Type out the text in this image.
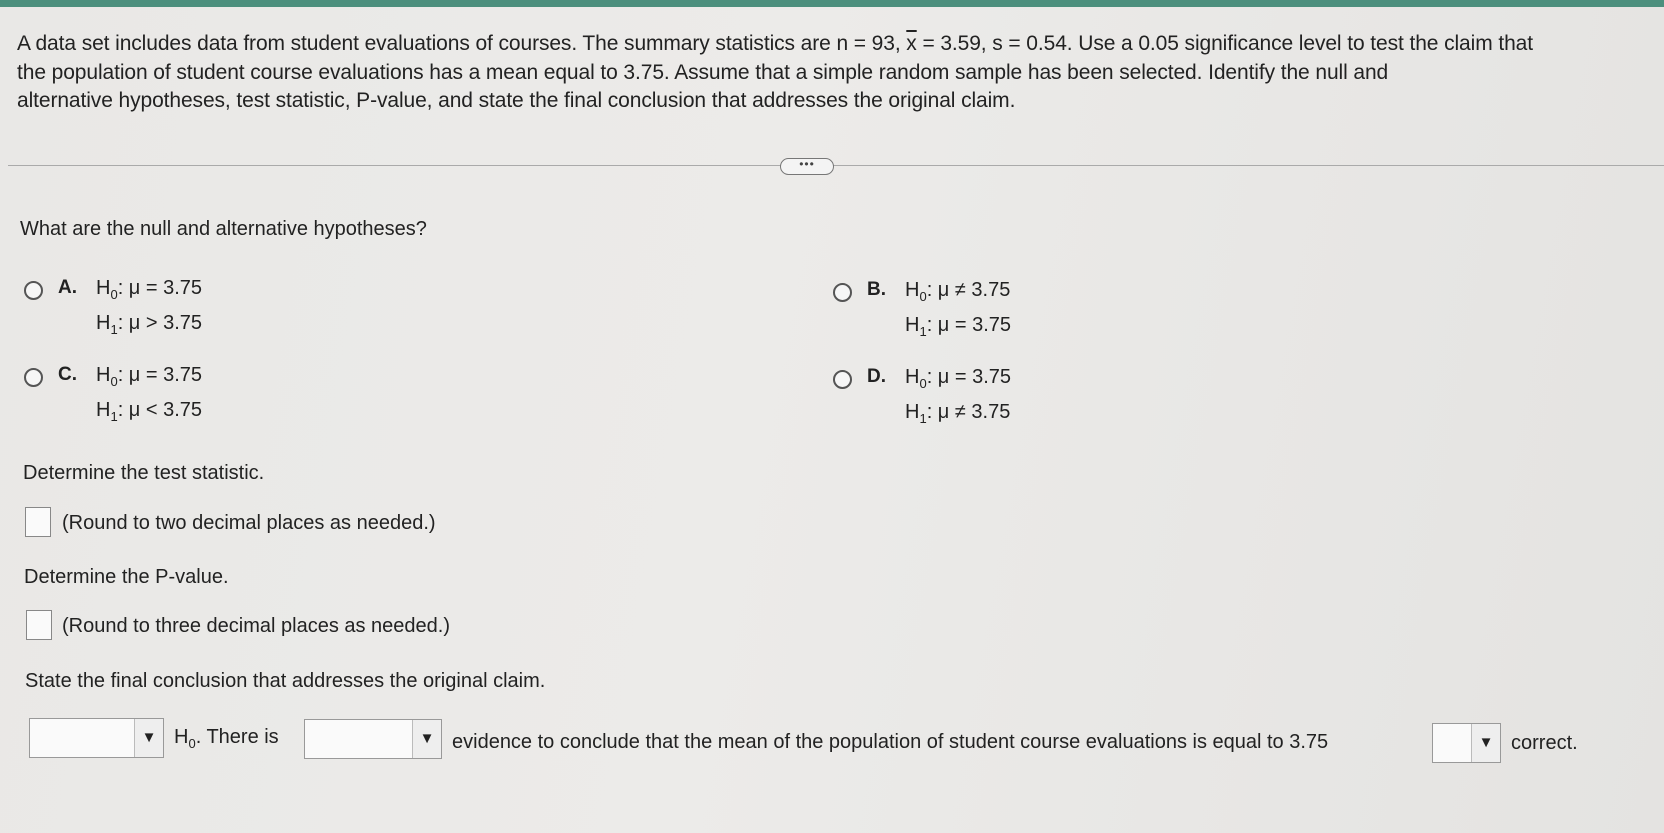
A data set includes data from student evaluations of courses. The summary statistics are n = 93, $\overline{x} = 3.59$, s = 0.54. Use a 0.05 significance level to test the claim that

the population of student course evaluations has a mean equal to 3.75. Assume that a simple random sample has been selected. Identify the null and

alternative hypotheses, test statistic, P-value, and state the final conclusion that addresses the original claim.

•••
What are the null and alternative hypotheses?
A. $H_0$: μ = 3.75
$H_1$: μ > 3.75
B. $H_0$: μ ≠ 3.75
$H_1$: μ = 3.75
C. $H_0$: μ = 3.75
$H_1$: μ < 3.75
D. $H_0$: μ = 3.75
$H_1$: μ ≠ 3.75
Determine the test statistic.
(Round to two decimal places as needed.)
Determine the P-value.
(Round to three decimal places as needed.)
State the final conclusion that addresses the original claim.
▼ $H_0$. There is	▼ evidence to conclude that the mean of the population of student course evaluations is equal to 3.75	▼ correct.
